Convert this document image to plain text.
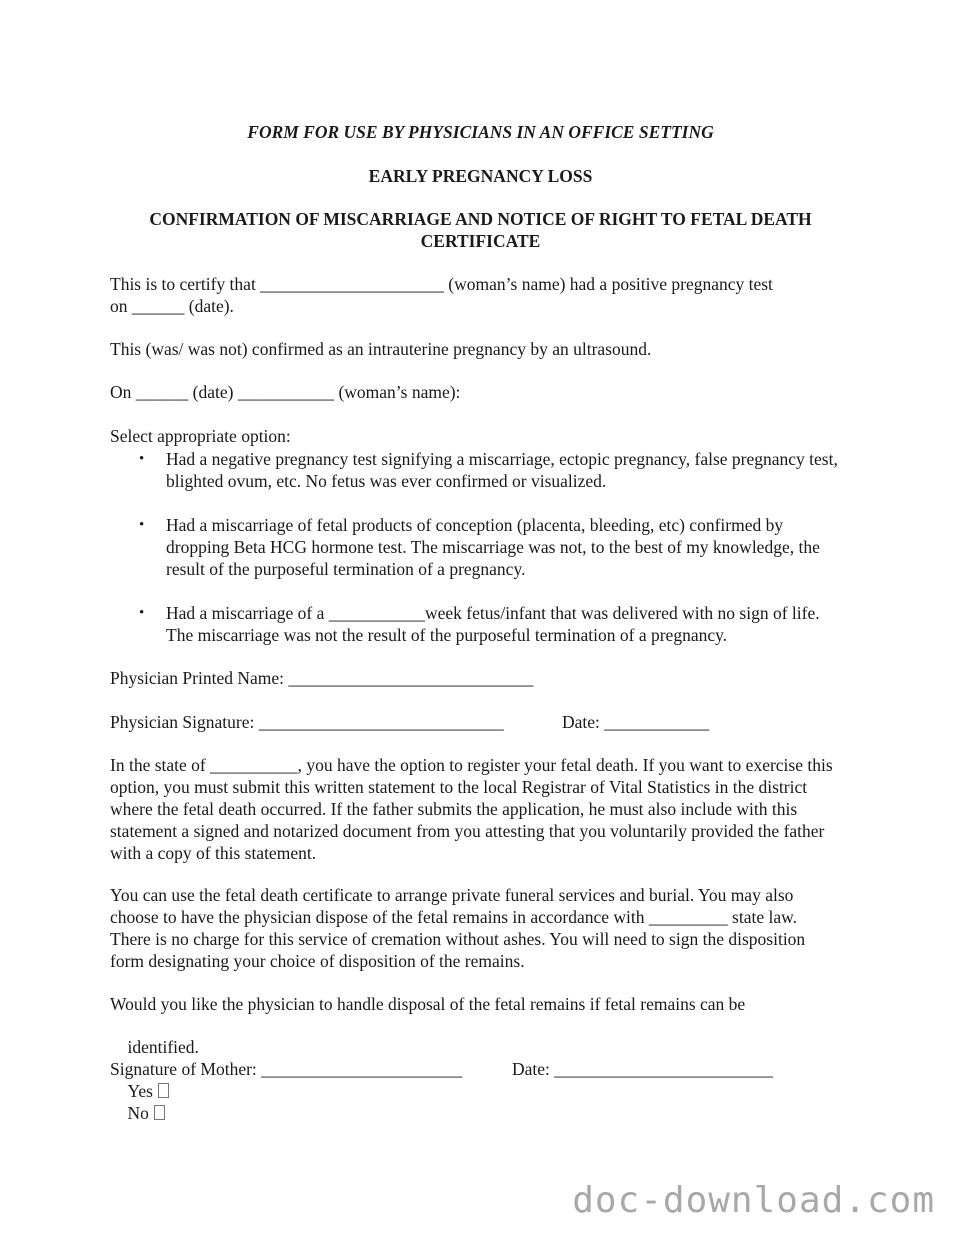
FORM FOR USE BY PHYSICIANS IN AN OFFICE SETTING
EARLY PREGNANCY LOSS
CONFIRMATION OF MISCARRIAGE AND NOTICE OF RIGHT TO FETAL DEATH CERTIFICATE
This is to certify that _____________________ (woman’s name) had a positive pregnancy test
on ______ (date).
This (was/ was not) confirmed as an intrauterine pregnancy by an ultrasound.
On ______ (date) ___________ (woman’s name):
Select appropriate option:
• Had a negative pregnancy test signifying a miscarriage, ectopic pregnancy, false pregnancy test, blighted ovum, etc. No fetus was ever confirmed or visualized.
• Had a miscarriage of fetal products of conception (placenta, bleeding, etc) confirmed by dropping Beta HCG hormone test. The miscarriage was not, to the best of my knowledge, the result of the purposeful termination of a pregnancy.
• Had a miscarriage of a ___________week fetus/infant that was delivered with no sign of life. The miscarriage was not the result of the purposeful termination of a pregnancy.
Physician Printed Name: ____________________________
Physician Signature: ____________________________	Date: ____________
In the state of __________, you have the option to register your fetal death. If you want to exercise this option, you must submit this written statement to the local Registrar of Vital Statistics in the district where the fetal death occurred. If the father submits the application, he must also include with this statement a signed and notarized document from you attesting that you voluntarily provided the father with a copy of this statement.
You can use the fetal death certificate to arrange private funeral services and burial. You may also choose to have the physician dispose of the fetal remains in accordance with _________ state law.  There is no charge for this service of cremation without ashes. You will need to sign the disposition form designating your choice of disposition of the remains.
Would you like the physician to handle disposal of the fetal remains if fetal remains can be

identified.

Yes
No

Signature of Mother: _______________________	Date: _________________________
doc-download.com
